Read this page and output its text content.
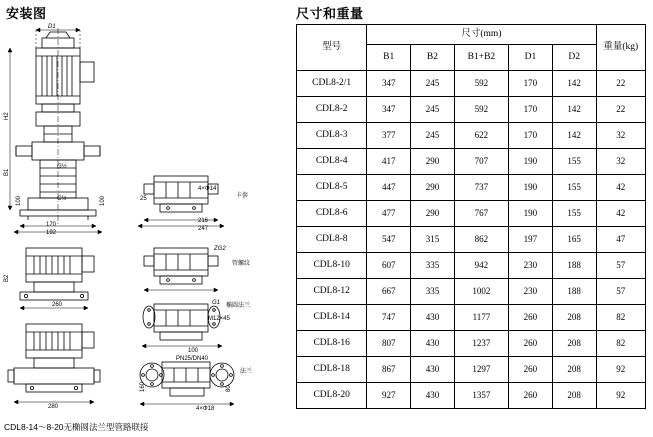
安装图
D1
H2
B1
G½
G½
170
192
100	100
260
B2
280
卡套
25
4×Φ14
216
247
ZG2
管螺纹
G1 椭圆法兰
M12×45
100
PN25/DN40
法兰
160	80
4×Φ18
CDL8-14～8-20无椭圆法兰型管路联接
尺寸和重量
型号	尺寸(mm)					重量(kg)
	B1	B2	B1+B2	D1	D2	
CDL8-2/1	347	245	592	170	142	22
CDL8-2	347	245	592	170	142	22
CDL8-3	377	245	622	170	142	32
CDL8-4	417	290	707	190	155	32
CDL8-5	447	290	737	190	155	42
CDL8-6	477	290	767	190	155	42
CDL8-8	547	315	862	197	165	47
CDL8-10	607	335	942	230	188	57
CDL8-12	667	335	1002	230	188	57
CDL8-14	747	430	1177	260	208	82
CDL8-16	807	430	1237	260	208	82
CDL8-18	867	430	1297	260	208	92
CDL8-20	927	430	1357	260	208	92
